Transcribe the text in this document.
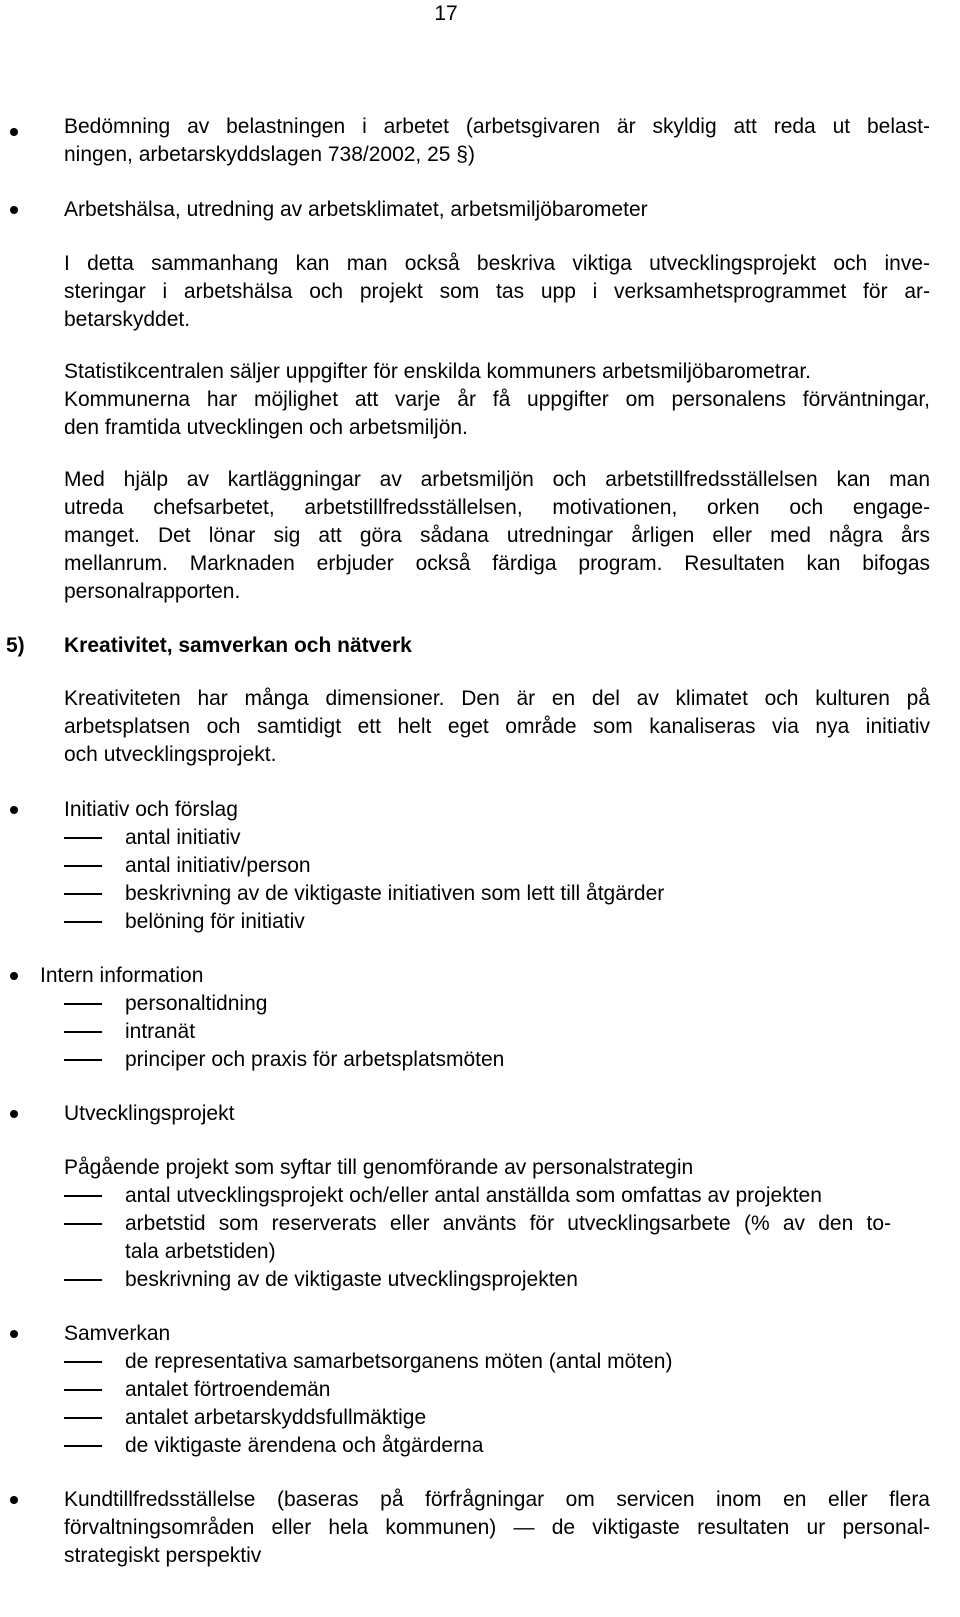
17
Bedömning av belastningen i arbetet (arbetsgivaren är skyldig att reda ut belast-
ningen, arbetarskyddslagen 738/2002, 25 §)
Arbetshälsa, utredning av arbetsklimatet, arbetsmiljöbarometer
I detta sammanhang kan man också beskriva viktiga utvecklingsprojekt och inve-
steringar i arbetshälsa och projekt som tas upp i verksamhetsprogrammet för ar-
betarskyddet.
Statistikcentralen säljer uppgifter för enskilda kommuners arbetsmiljöbarometrar.
Kommunerna har möjlighet att varje år få uppgifter om personalens förväntningar,
den framtida utvecklingen och arbetsmiljön.
Med hjälp av kartläggningar av arbetsmiljön och arbetstillfredsställelsen kan man
utreda chefsarbetet, arbetstillfredsställelsen, motivationen, orken och engage-
manget. Det lönar sig att göra sådana utredningar årligen eller med några års
mellanrum. Marknaden erbjuder också färdiga program. Resultaten kan bifogas
personalrapporten.
5) Kreativitet, samverkan och nätverk
Kreativiteten har många dimensioner. Den är en del av klimatet och kulturen på
arbetsplatsen och samtidigt ett helt eget område som kanaliseras via nya initiativ
och utvecklingsprojekt.
Initiativ och förslag
antal initiativ
antal initiativ/person
beskrivning av de viktigaste initiativen som lett till åtgärder
belöning för initiativ
Intern information
personaltidning
intranät
principer och praxis för arbetsplatsmöten
Utvecklingsprojekt
Pågående projekt som syftar till genomförande av personalstrategin
antal utvecklingsprojekt och/eller antal anställda som omfattas av projekten
arbetstid som reserverats eller använts för utvecklingsarbete (% av den to-
tala arbetstiden)
beskrivning av de viktigaste utvecklingsprojekten
Samverkan
de representativa samarbetsorganens möten (antal möten)
antalet förtroendemän
antalet arbetarskyddsfullmäktige
de viktigaste ärendena och åtgärderna
Kundtillfredsställelse (baseras på förfrågningar om servicen inom en eller flera
förvaltningsområden eller hela kommunen) — de viktigaste resultaten ur personal-
strategiskt perspektiv
